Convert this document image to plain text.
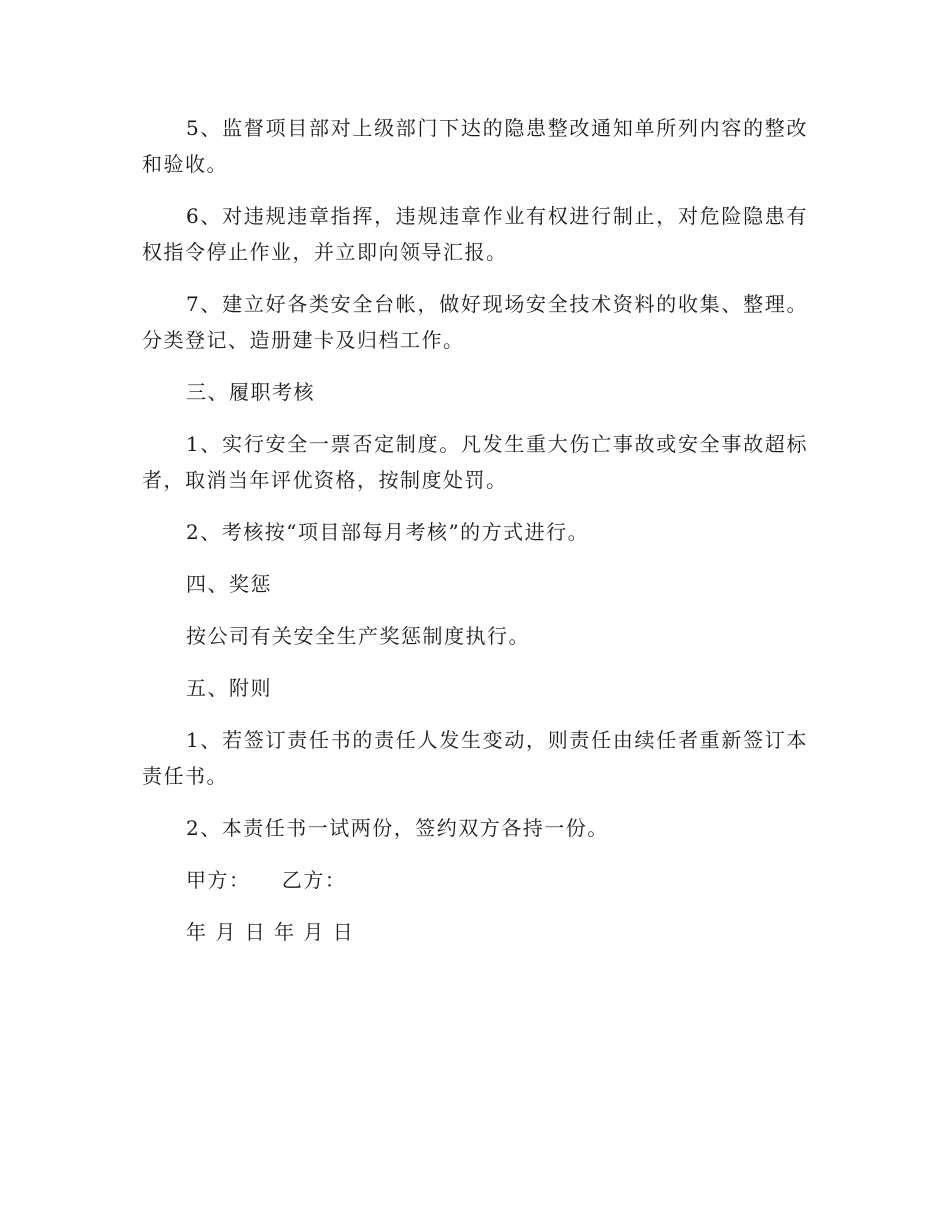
5、监督项目部对上级部门下达的隐患整改通知单所列内容的整改和验收。

6、对违规违章指挥，违规违章作业有权进行制止，对危险隐患有权指令停止作业，并立即向领导汇报。

7、建立好各类安全台帐，做好现场安全技术资料的收集、整理。分类登记、造册建卡及归档工作。

三、履职考核

1、实行安全一票否定制度。凡发生重大伤亡事故或安全事故超标者，取消当年评优资格，按制度处罚。

2、考核按“项目部每月考核”的方式进行。

四、奖惩

按公司有关安全生产奖惩制度执行。

五、附则

1、若签订责任书的责任人发生变动，则责任由续任者重新签订本责任书。

2、本责任书一试两份，签约双方各持一份。

甲方：    乙方：

年 月 日 年 月 日
